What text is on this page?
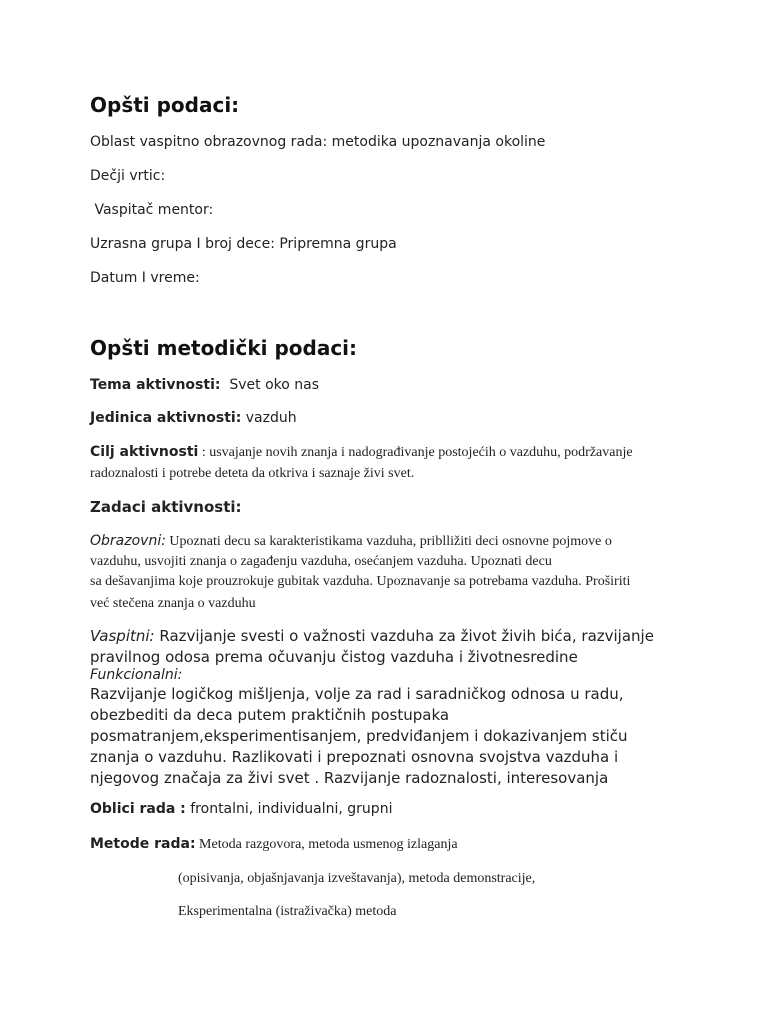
Opšti podaci:
Oblast vaspitno obrazovnog rada: metodika upoznavanja okoline
Dečji vrtic:
Vaspitač mentor:
Uzrasna grupa I broj dece: Pripremna grupa
Datum I vreme:
Opšti metodički podaci:
Tema aktivnosti:  Svet oko nas
Jedinica aktivnosti: vazduh
Cilj aktivnosti : usvajanje novih znanja i nadograđivanje postojećih o vazduhu, podržavanje
radoznalosti i potrebe deteta da otkriva i saznaje živi svet.
Zadaci aktivnosti:
Obrazovni: Upoznati decu sa karakteristikama vazduha, priblližiti deci osnovne pojmove o
vazduhu, usvojiti znanja o zagađenju vazduha, osećanjem vazduha. Upoznati decu
sa dešavanjima koje prouzrokuje gubitak vazduha. Upoznavanje sa potrebama vazduha. Proširiti
već stečena znanja o vazduhu
Vaspitni: Razvijanje svesti o važnosti vazduha za život živih bića, razvijanje
pravilnog odosa prema očuvanju čistog vazduha i životnesredine
Funkcionalni:
Razvijanje logičkog mišljenja, volje za rad i saradničkog odnosa u radu,
obezbediti da deca putem praktičnih postupaka
posmatranjem,eksperimentisanjem, predviđanjem i dokazivanjem stiču
znanja o vazduhu. Razlikovati i prepoznati osnovna svojstva vazduha i
njegovog značaja za živi svet . Razvijanje radoznalosti, interesovanja
Oblici rada : frontalni, individualni, grupni
Metode rada: Metoda razgovora, metoda usmenog izlaganja
(opisivanja, objašnjavanja izveštavanja), metoda demonstracije,
Eksperimentalna (istraživačka) metoda
